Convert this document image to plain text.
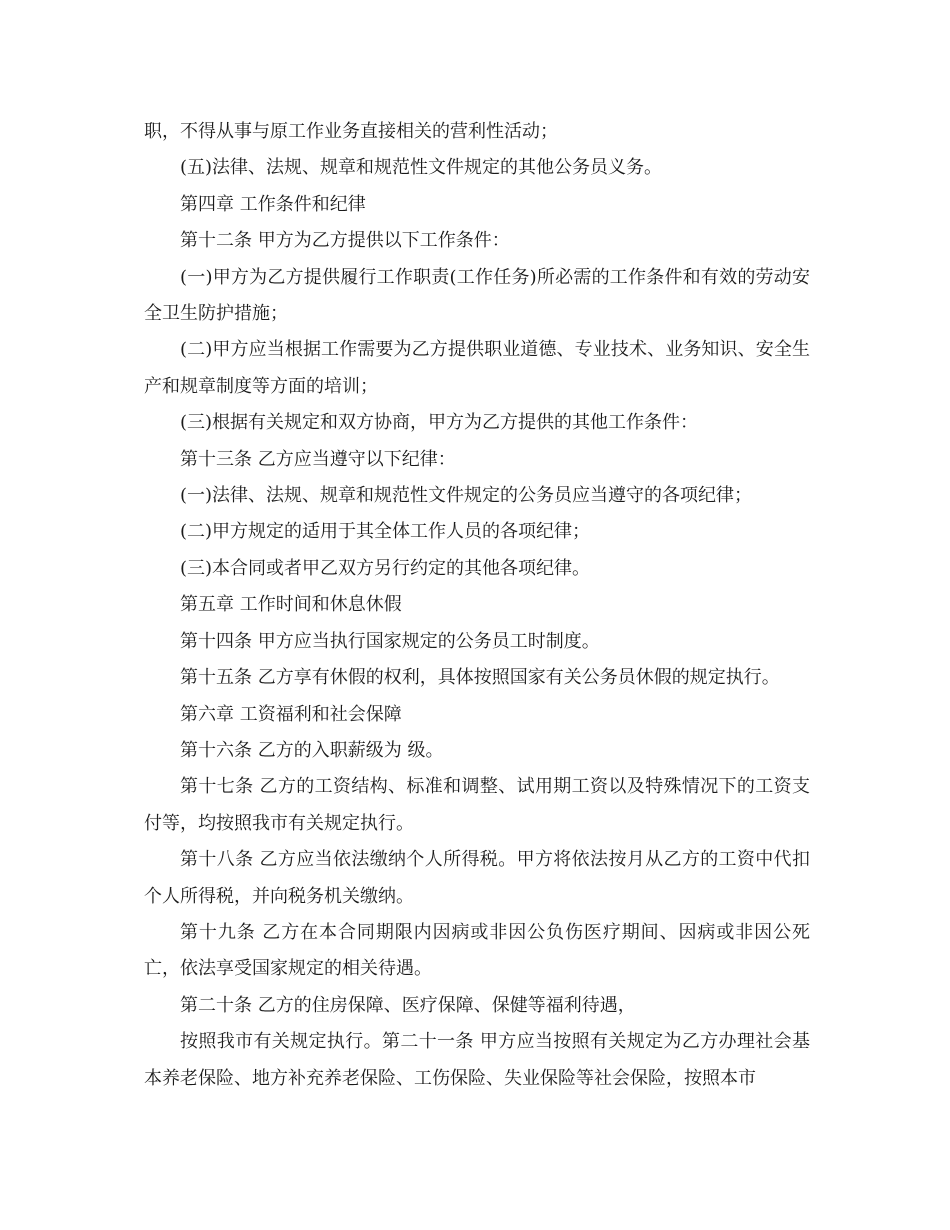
职，不得从事与原工作业务直接相关的营利性活动；

(五)法律、法规、规章和规范性文件规定的其他公务员义务。

第四章 工作条件和纪律

第十二条 甲方为乙方提供以下工作条件：

(一)甲方为乙方提供履行工作职责(工作任务)所必需的工作条件和有效的劳动安全卫生防护措施；

(二)甲方应当根据工作需要为乙方提供职业道德、专业技术、业务知识、安全生产和规章制度等方面的培训；

(三)根据有关规定和双方协商，甲方为乙方提供的其他工作条件：

第十三条 乙方应当遵守以下纪律：

(一)法律、法规、规章和规范性文件规定的公务员应当遵守的各项纪律；

(二)甲方规定的适用于其全体工作人员的各项纪律；

(三)本合同或者甲乙双方另行约定的其他各项纪律。

第五章 工作时间和休息休假

第十四条 甲方应当执行国家规定的公务员工时制度。

第十五条 乙方享有休假的权利，具体按照国家有关公务员休假的规定执行。

第六章 工资福利和社会保障

第十六条 乙方的入职薪级为 级。

第十七条 乙方的工资结构、标准和调整、试用期工资以及特殊情况下的工资支付等，均按照我市有关规定执行。

第十八条 乙方应当依法缴纳个人所得税。甲方将依法按月从乙方的工资中代扣个人所得税，并向税务机关缴纳。

第十九条 乙方在本合同期限内因病或非因公负伤医疗期间、因病或非因公死亡，依法享受国家规定的相关待遇。

第二十条 乙方的住房保障、医疗保障、保健等福利待遇，

按照我市有关规定执行。第二十一条 甲方应当按照有关规定为乙方办理社会基本养老保险、地方补充养老保险、工伤保险、失业保险等社会保险，按照本市
